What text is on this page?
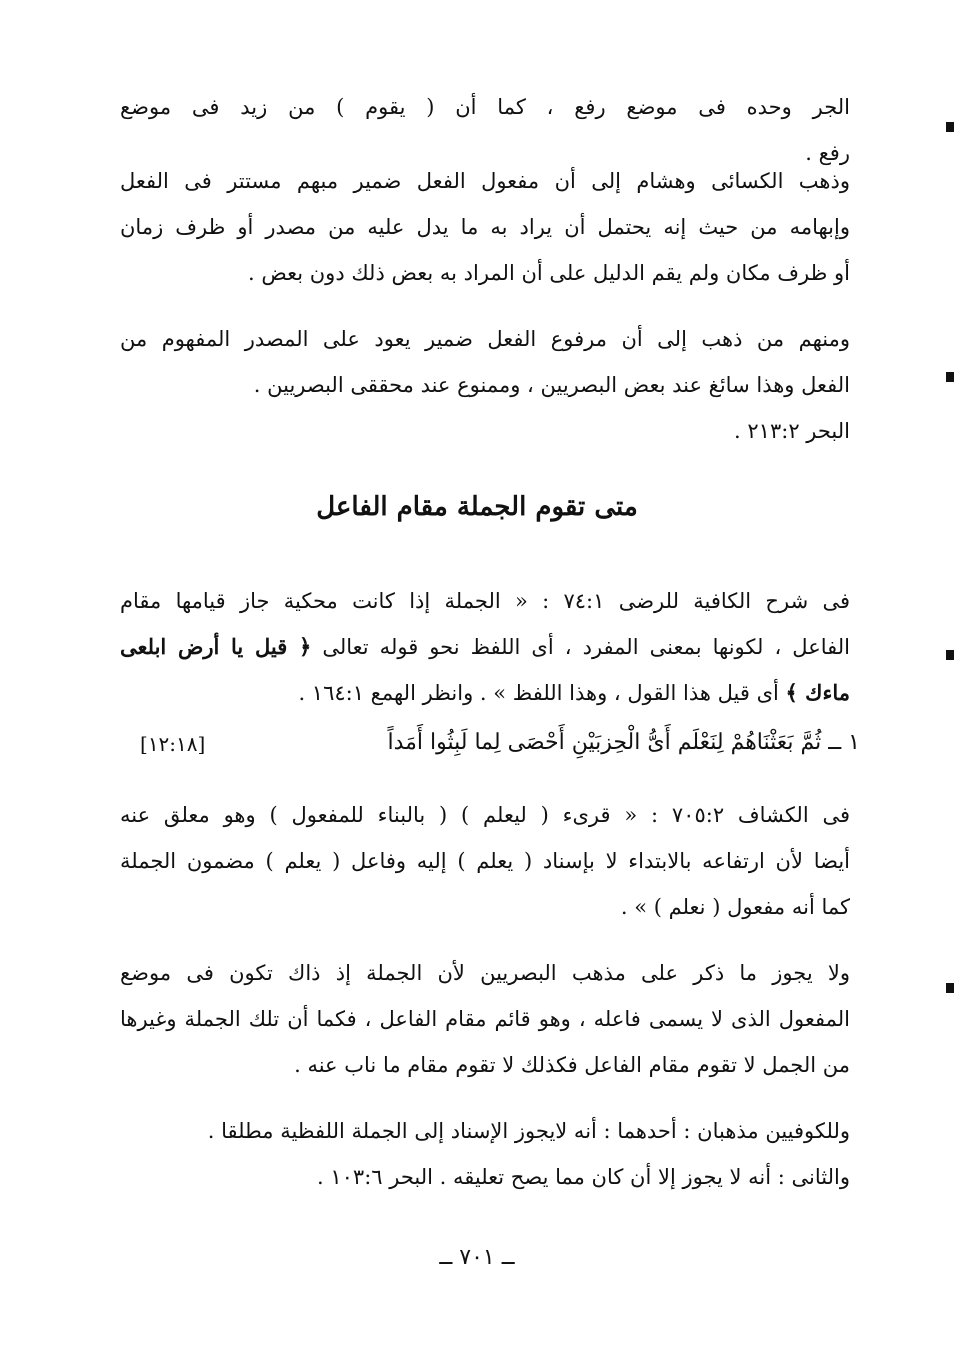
الجر وحده فى موضع رفع ، كما أن ( يقوم ) من زيد فى موضع
رفع .
وذهب الكسائى وهشام إلى أن مفعول الفعل ضمير مبهم مستتر فى الفعل
وإبهامه من حيث إنه يحتمل أن يراد به ما يدل عليه من مصدر أو ظرف زمان
أو ظرف مكان ولم يقم الدليل على أن المراد به بعض ذلك دون بعض .
ومنهم من ذهب إلى أن مرفوع الفعل ضمير يعود على المصدر المفهوم من
الفعل وهذا سائغ عند بعض البصريين ، وممنوع عند محققى البصريين .
البحر ٢١٣:٢ .
متى تقوم الجملة مقام الفاعل
فى شرح الكافية للرضى ٧٤:١ : « الجملة إذا كانت محكية جاز قيامها مقام
الفاعل ، لكونها بمعنى المفرد ، أى اللفظ نحو قوله تعالى ﴿ قيل يا أرض ابلعى
ماءك ﴾ أى قيل هذا القول ، وهذا اللفظ » . وانظر الهمع ١٦٤:١ .
١ ــ ثُمَّ بَعَثْنَاهُمْ لِنَعْلَم أَىُّ الْحِزبَيْنِ أَحْصَى لِما لَبِثُوا أَمَداً
[١٢:١٨]
فى الكشاف ٧٠٥:٢ : « قرىء ( ليعلم ) ( بالبناء للمفعول ) وهو معلق عنه
أيضا لأن ارتفاعه بالابتداء لا بإسناد ( يعلم ) إليه وفاعل ( يعلم ) مضمون الجملة
كما أنه مفعول ( نعلم ) » .
ولا يجوز ما ذكر على مذهب البصريين لأن الجملة إذ ذاك تكون فى موضع
المفعول الذى لا يسمى فاعله ، وهو قائم مقام الفاعل ، فكما أن تلك الجملة وغيرها
من الجمل لا تقوم مقام الفاعل فكذلك لا تقوم مقام ما ناب عنه .
وللكوفيين مذهبان : أحدهما : أنه لايجوز الإسناد إلى الجملة اللفظية مطلقا .
والثانى : أنه لا يجوز إلا أن كان مما يصح تعليقه . البحر ١٠٣:٦ .
ــ ٧٠١ ــ
